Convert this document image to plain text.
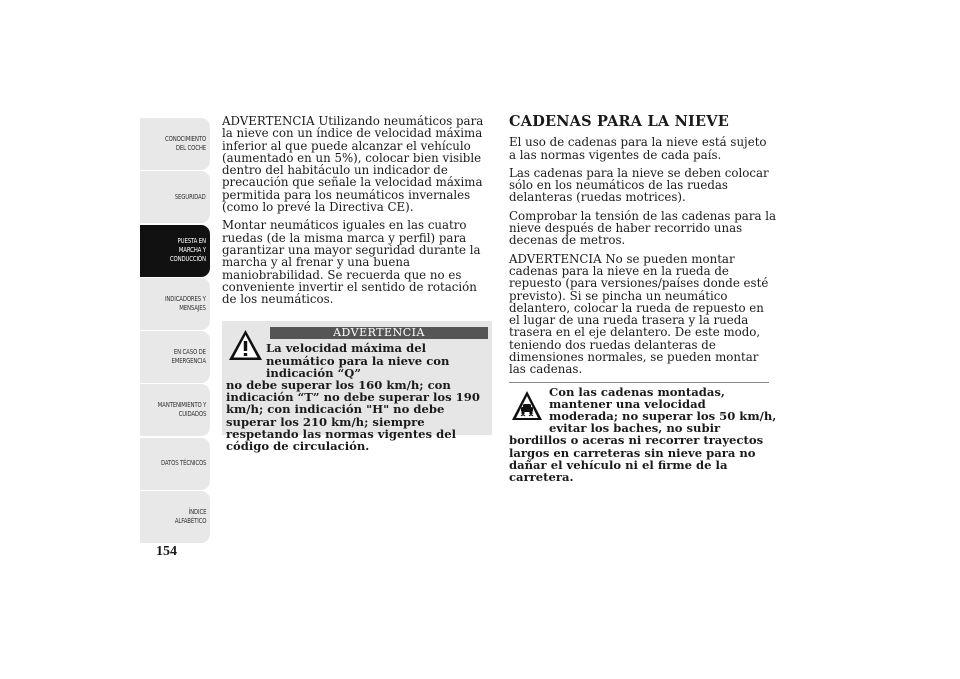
CONOCIMIENTO
DEL COCHE
SEGURIDAD
PUESTA EN
MARCHA Y
CONDUCCIÓN
INDICADORES Y
MENSAJES
EN CASO DE
EMERGENCIA
MANTENIMIENTO Y
CUIDADOS
DATOS TÉCNICOS
ÍNDICE
ALFABÉTICO
154

ADVERTENCIA Utilizando neumáticos para la nieve con un índice de velocidad máxima inferior al que puede alcanzar el vehículo (aumentado en un 5%), colocar bien visible dentro del habitáculo un indicador de precaución que señale la velocidad máxima permitida para los neumáticos invernales (como lo prevé la Directiva CE).

Montar neumáticos iguales en las cuatro ruedas (de la misma marca y perfil) para garantizar una mayor seguridad durante la marcha y al frenar y una buena maniobrabilidad. Se recuerda que no es conveniente invertir el sentido de rotación de los neumáticos.

ADVERTENCIA
La velocidad máxima del neumático para la nieve con indicación “Q”
no debe superar los 160 km/h; con indicación “T” no debe superar los 190 km/h; con indicación "H" no debe superar los 210 km/h; siempre respetando las normas vigentes del código de circulación.
CADENAS PARA LA NIEVE

El uso de cadenas para la nieve está sujeto a las normas vigentes de cada país.

Las cadenas para la nieve se deben colocar sólo en los neumáticos de las ruedas delanteras (ruedas motrices).

Comprobar la tensión de las cadenas para la nieve después de haber recorrido unas decenas de metros.

ADVERTENCIA No se pueden montar cadenas para la nieve en la rueda de repuesto (para versiones/países donde esté previsto). Si se pincha un neumático delantero, colocar la rueda de repuesto en el lugar de una rueda trasera y la rueda trasera en el eje delantero. De este modo, teniendo dos ruedas delanteras de dimensiones normales, se pueden montar las cadenas.

Con las cadenas montadas, mantener una velocidad moderada; no superar los 50 km/h, evitar los baches, no subir
bordillos o aceras ni recorrer trayectos largos en carreteras sin nieve para no dañar el vehículo ni el firme de la carretera.
